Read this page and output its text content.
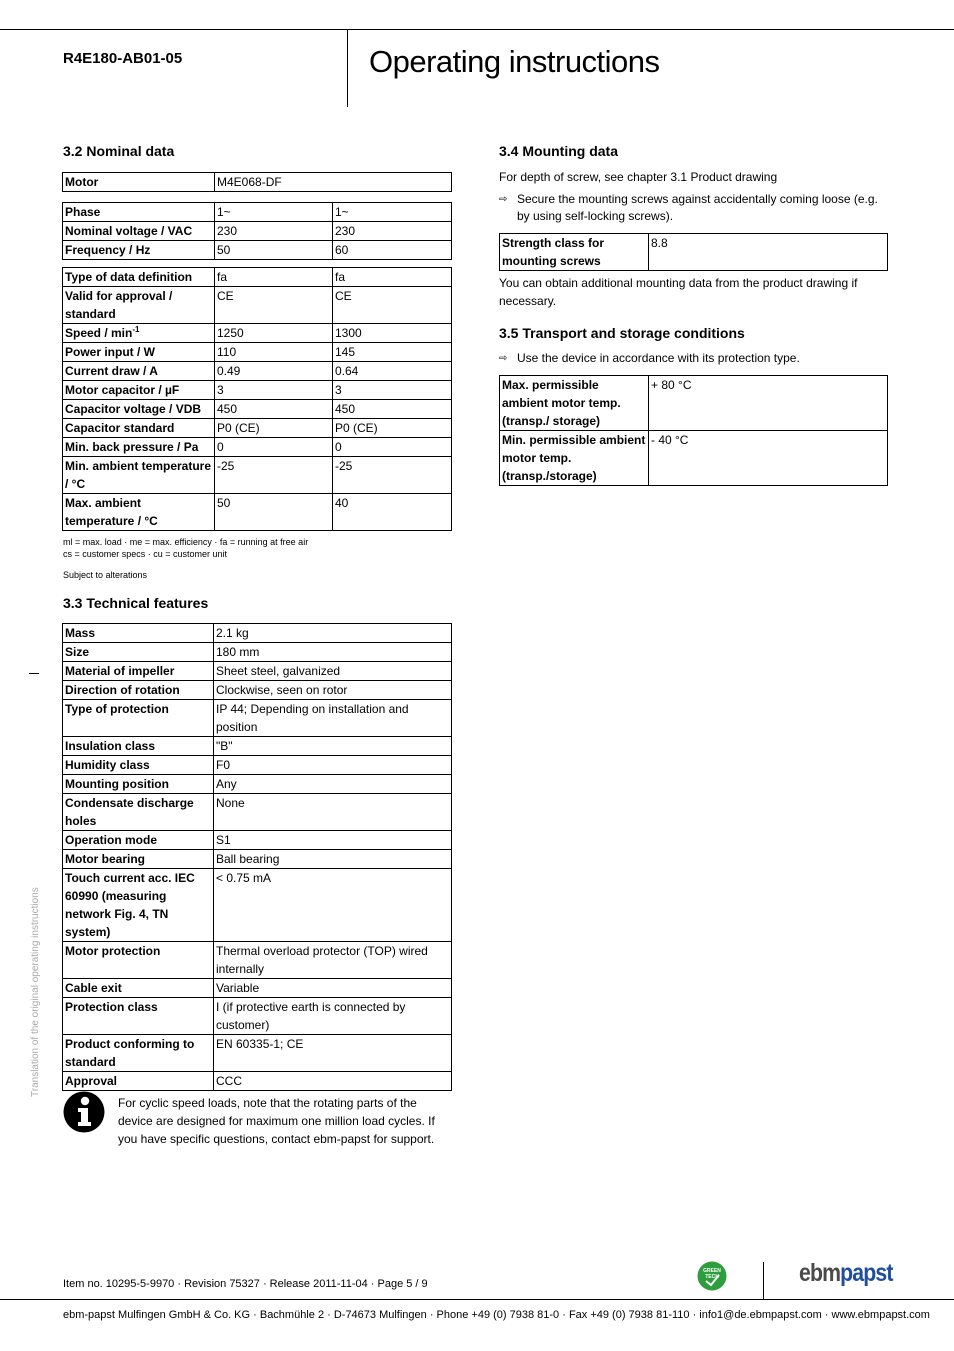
R4E180-AB01-05	Operating instructions
3.2 Nominal data
Motor	M4E068-DF
Phase	1~	1~
Nominal voltage / VAC	230	230
Frequency / Hz	50	60
Type of data definition	fa	fa
Valid for approval / standard	CE	CE
Speed / $\min^{-1}$	1250	1300
Power input / W	110	145
Current draw / A	0.49	0.64
Motor capacitor / µF	3	3
Capacitor voltage / VDB	450	450
Capacitor standard	P0 (CE)	P0 (CE)
Min. back pressure / Pa	0	0
Min. ambient temperature / °C	-25	-25
Max. ambient temperature / °C	50	40
ml = max. load · me = max. efficiency · fa = running at free air
cs = customer specs · cu = customer unit
Subject to alterations
3.3 Technical features
Mass	2.1 kg
Size	180 mm
Material of impeller	Sheet steel, galvanized
Direction of rotation	Clockwise, seen on rotor
Type of protection	IP 44; Depending on installation and position
Insulation class	"B"
Humidity class	F0
Mounting position	Any
Condensate discharge holes	None
Operation mode	S1
Motor bearing	Ball bearing
Touch current acc. IEC 60990 (measuring network Fig. 4, TN system)	< 0.75 mA
Motor protection	Thermal overload protector (TOP) wired internally
Cable exit	Variable
Protection class	I (if protective earth is connected by customer)
Product conforming to standard	EN 60335-1; CE
Approval	CCC
For cyclic speed loads, note that the rotating parts of the device are designed for maximum one million load cycles. If you have specific questions, contact ebm-papst for support.
3.4 Mounting data
For depth of screw, see chapter 3.1 Product drawing
⇨ Secure the mounting screws against accidentally coming loose (e.g. by using self-locking screws).
Strength class for mounting screws	8.8
You can obtain additional mounting data from the product drawing if necessary.
3.5 Transport and storage conditions
⇨ Use the device in accordance with its protection type.
Max. permissible ambient motor temp. (transp./ storage)	+ 80 °C
Min. permissible ambient motor temp. (transp./storage)	- 40 °C
Translation of the original operating instructions
Item no. 10295-5-9970 · Revision 75327 · Release 2011-11-04 · Page 5 / 9
GREEN
TECH	ebmpapst
ebm-papst Mulfingen GmbH & Co. KG · Bachmühle 2 · D-74673 Mulfingen · Phone +49 (0) 7938 81-0 · Fax +49 (0) 7938 81-110 · info1@de.ebmpapst.com · www.ebmpapst.com
